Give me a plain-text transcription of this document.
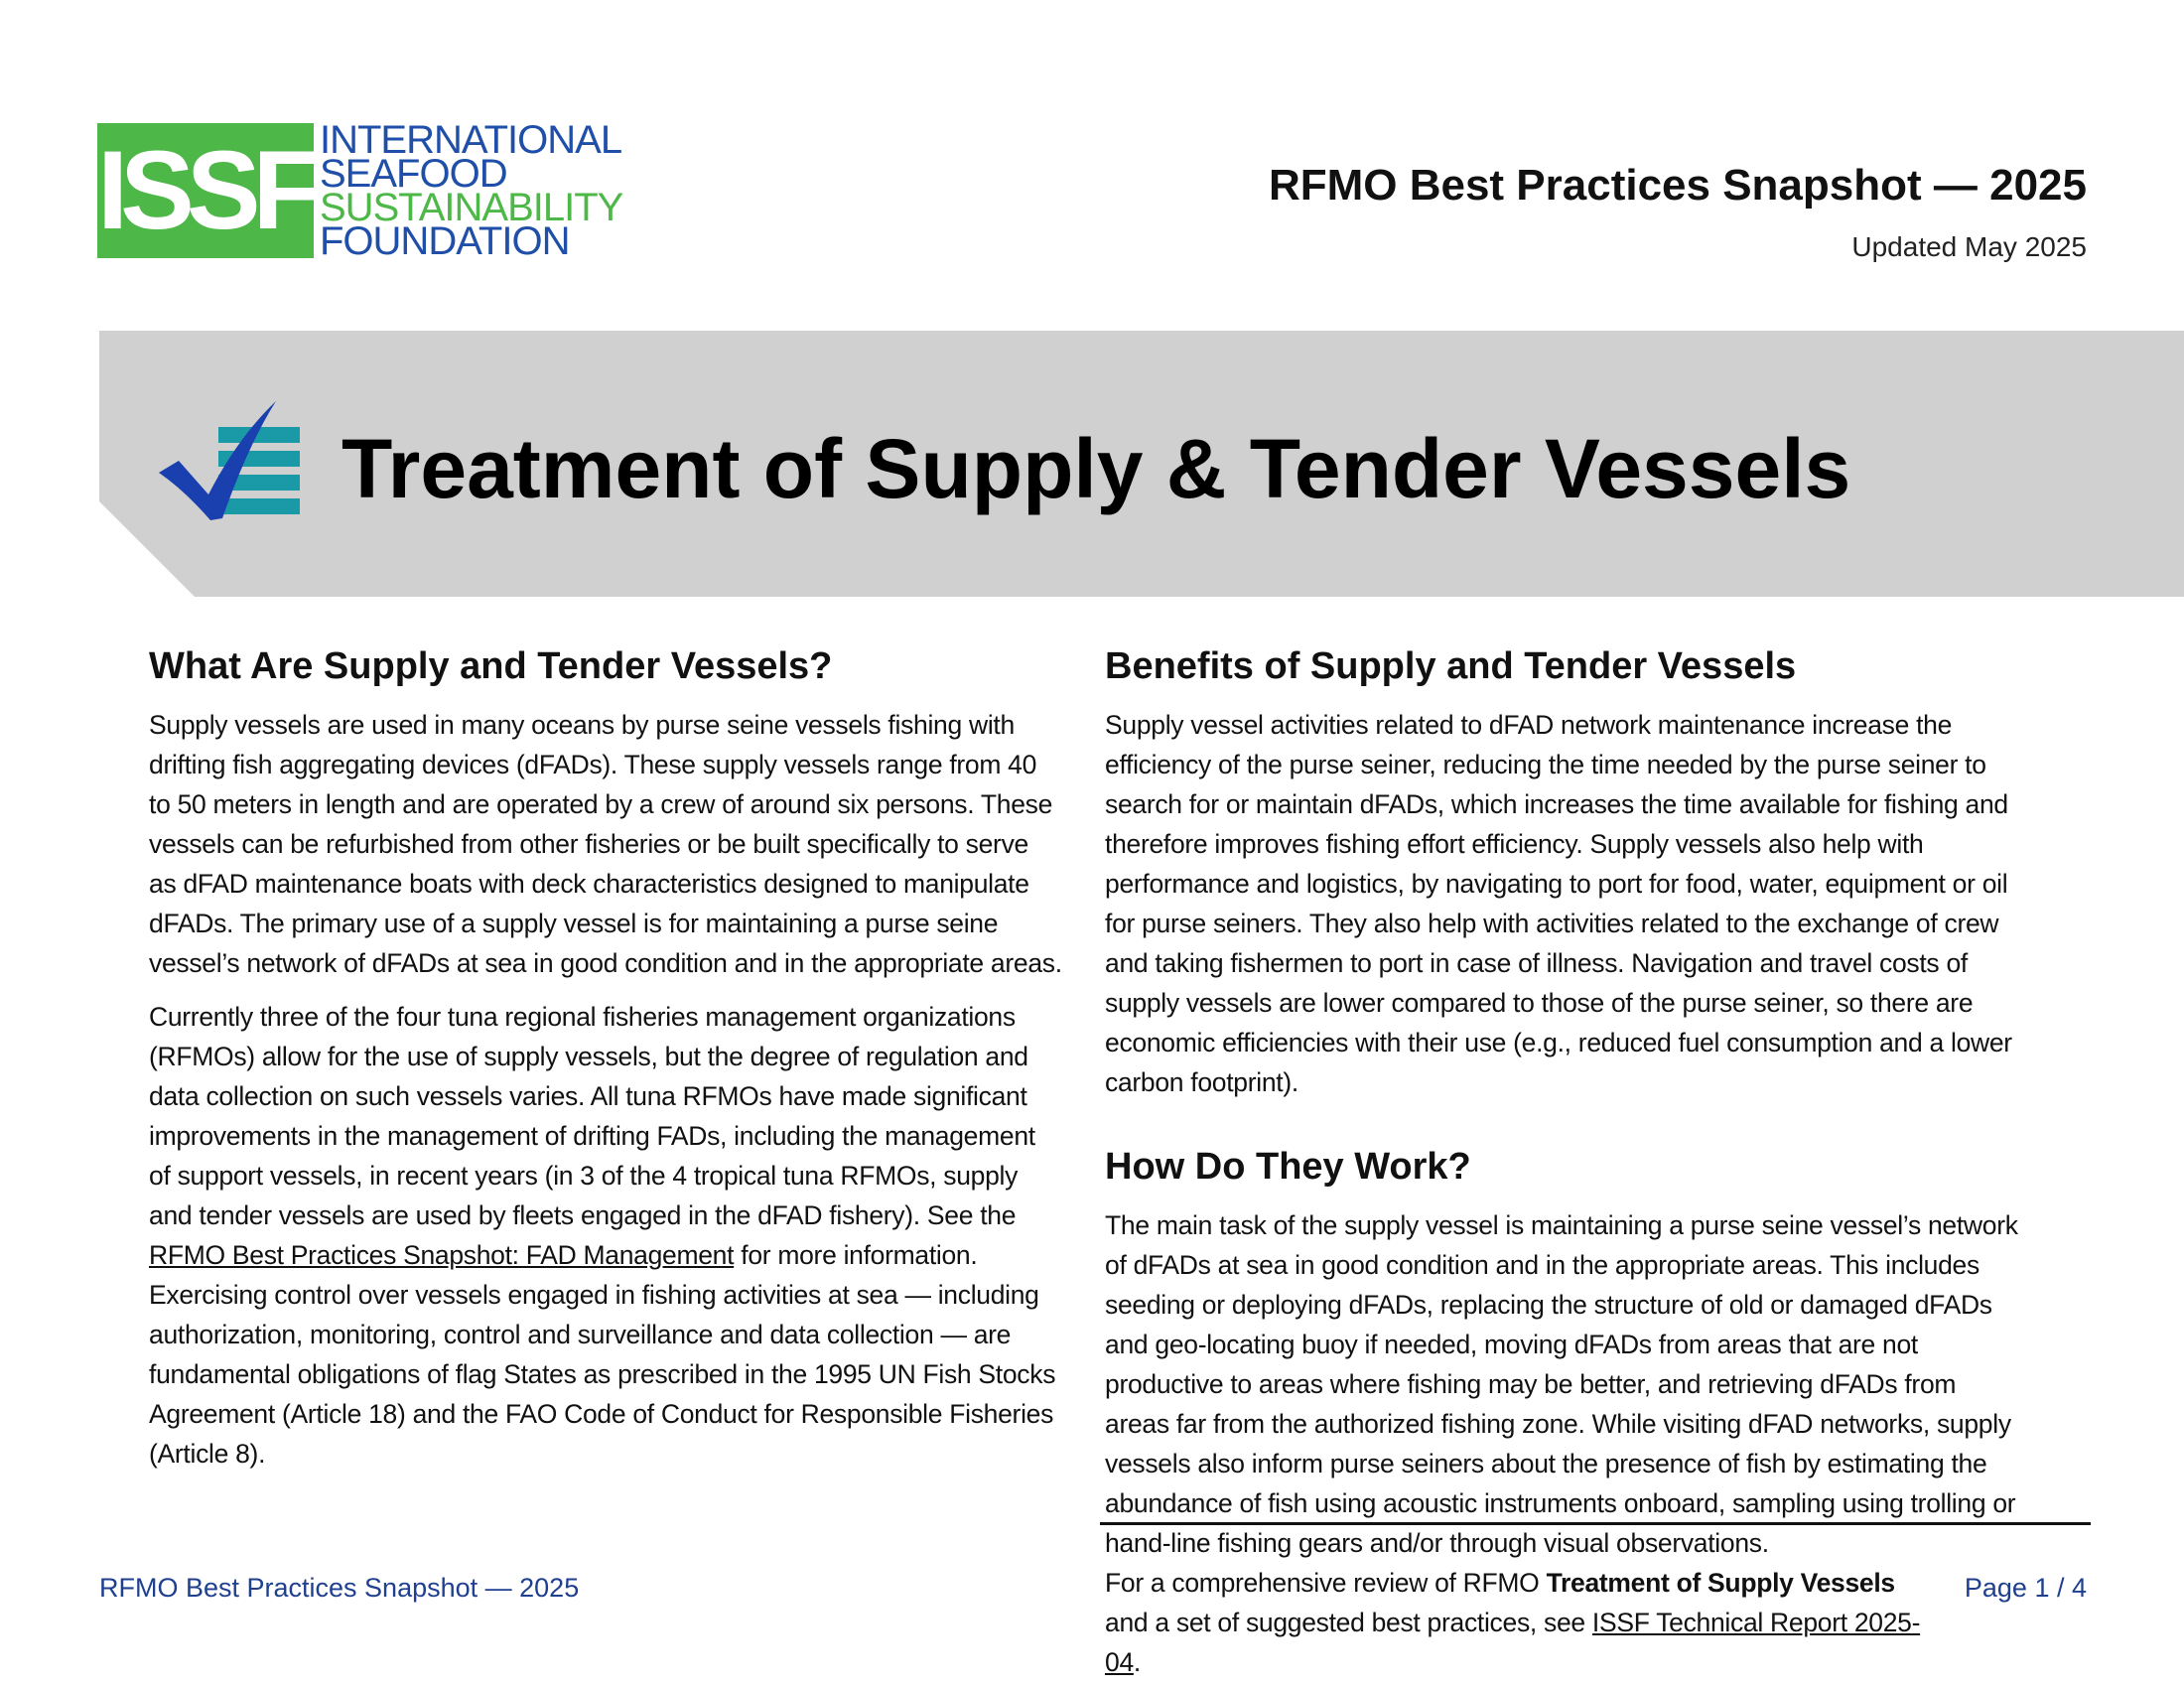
ISSF INTERNATIONAL
SEAFOOD
SUSTAINABILITY
FOUNDATION
RFMO Best Practices Snapshot — 2025
Updated May 2025
Treatment of Supply & Tender Vessels
What Are Supply and Tender Vessels?

Supply vessels are used in many oceans by purse seine vessels fishing with drifting fish aggregating devices (dFADs). These supply vessels range from 40 to 50 meters in length and are operated by a crew of around six persons. These vessels can be refurbished from other fisheries or be built specifically to serve as dFAD maintenance boats with deck characteristics designed to manipulate dFADs. The primary use of a supply vessel is for maintaining a purse seine vessel’s network of dFADs at sea in good condition and in the appropriate areas.

Currently three of the four tuna regional fisheries management organizations (RFMOs) allow for the use of supply vessels, but the degree of regulation and data collection on such vessels varies. All tuna RFMOs have made significant improvements in the management of drifting FADs, including the management of support vessels, in recent years (in 3 of the 4 tropical tuna RFMOs, supply and tender vessels are used by fleets engaged in the dFAD fishery). See the RFMO Best Practices Snapshot: FAD Management for more information. Exercising control over vessels engaged in fishing activities at sea — including authorization, monitoring, control and surveillance and data collection — are fundamental obligations of flag States as prescribed in the 1995 UN Fish Stocks Agreement (Article 18) and the FAO Code of Conduct for Responsible Fisheries (Article 8).

Benefits of Supply and Tender Vessels

Supply vessel activities related to dFAD network maintenance increase the efficiency of the purse seiner, reducing the time needed by the purse seiner to search for or maintain dFADs, which increases the time available for fishing and therefore improves fishing effort efficiency. Supply vessels also help with performance and logistics, by navigating to port for food, water, equipment or oil for purse seiners. They also help with activities related to the exchange of crew and taking fishermen to port in case of illness. Navigation and travel costs of supply vessels are lower compared to those of the purse seiner, so there are economic efficiencies with their use (e.g., reduced fuel consumption and a lower carbon footprint).

How Do They Work?

The main task of the supply vessel is maintaining a purse seine vessel’s network of dFADs at sea in good condition and in the appropriate areas. This includes seeding or deploying dFADs, replacing the structure of old or damaged dFADs and geo-locating buoy if needed, moving dFADs from areas that are not productive to areas where fishing may be better, and retrieving dFADs from areas far from the authorized fishing zone. While visiting dFAD networks, supply vessels also inform purse seiners about the presence of fish by estimating the abundance of fish using acoustic instruments onboard, sampling using trolling or hand-line fishing gears and/or through visual observations.

RFMO Best Practices Snapshot — 2025	For a comprehensive review of RFMO Treatment of Supply Vessels and a set of suggested best practices, see ISSF Technical Report 2025-04.
Page 1 / 4
